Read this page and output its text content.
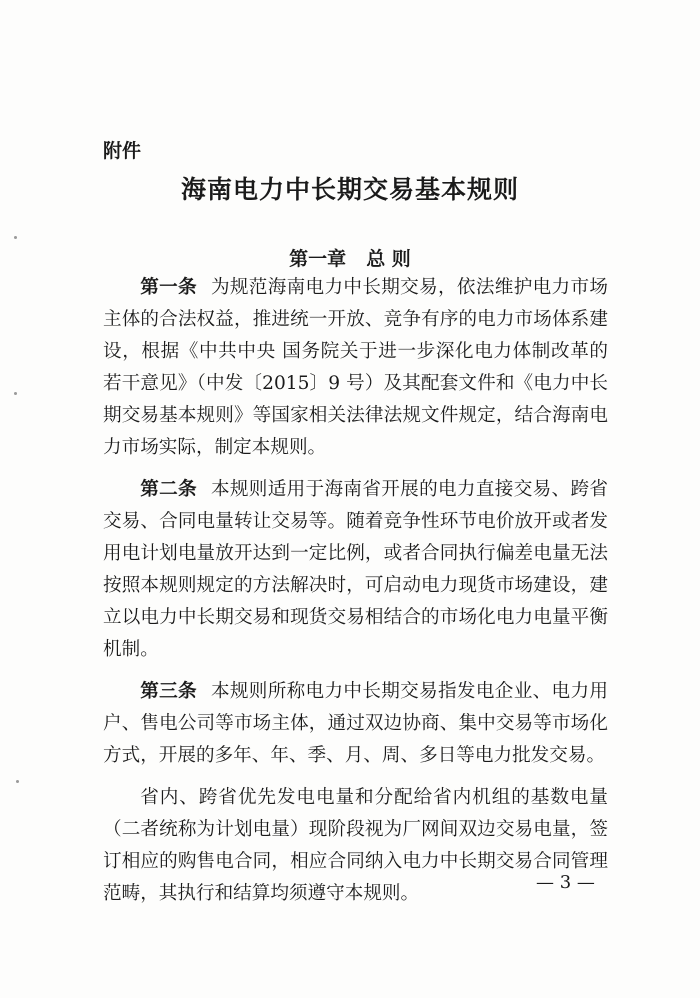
附件
海南电力中长期交易基本规则
第一章 总 则

第一条 为规范海南电力中长期交易，依法维护电力市场主体的合法权益，推进统一开放、竞争有序的电力市场体系建设，根据《中共中央 国务院关于进一步深化电力体制改革的若干意见》（中发〔2015〕9 号）及其配套文件和《电力中长期交易基本规则》等国家相关法律法规文件规定，结合海南电力市场实际，制定本规则。

第二条 本规则适用于海南省开展的电力直接交易、跨省交易、合同电量转让交易等。随着竞争性环节电价放开或者发用电计划电量放开达到一定比例，或者合同执行偏差电量无法按照本规则规定的方法解决时，可启动电力现货市场建设，建立以电力中长期交易和现货交易相结合的市场化电力电量平衡机制。

第三条 本规则所称电力中长期交易指发电企业、电力用户、售电公司等市场主体，通过双边协商、集中交易等市场化方式，开展的多年、年、季、月、周、多日等电力批发交易。

省内、跨省优先发电电量和分配给省内机组的基数电量（二者统称为计划电量）现阶段视为厂网间双边交易电量，签订相应的购售电合同，相应合同纳入电力中长期交易合同管理范畴，其执行和结算均须遵守本规则。

— 3 —
